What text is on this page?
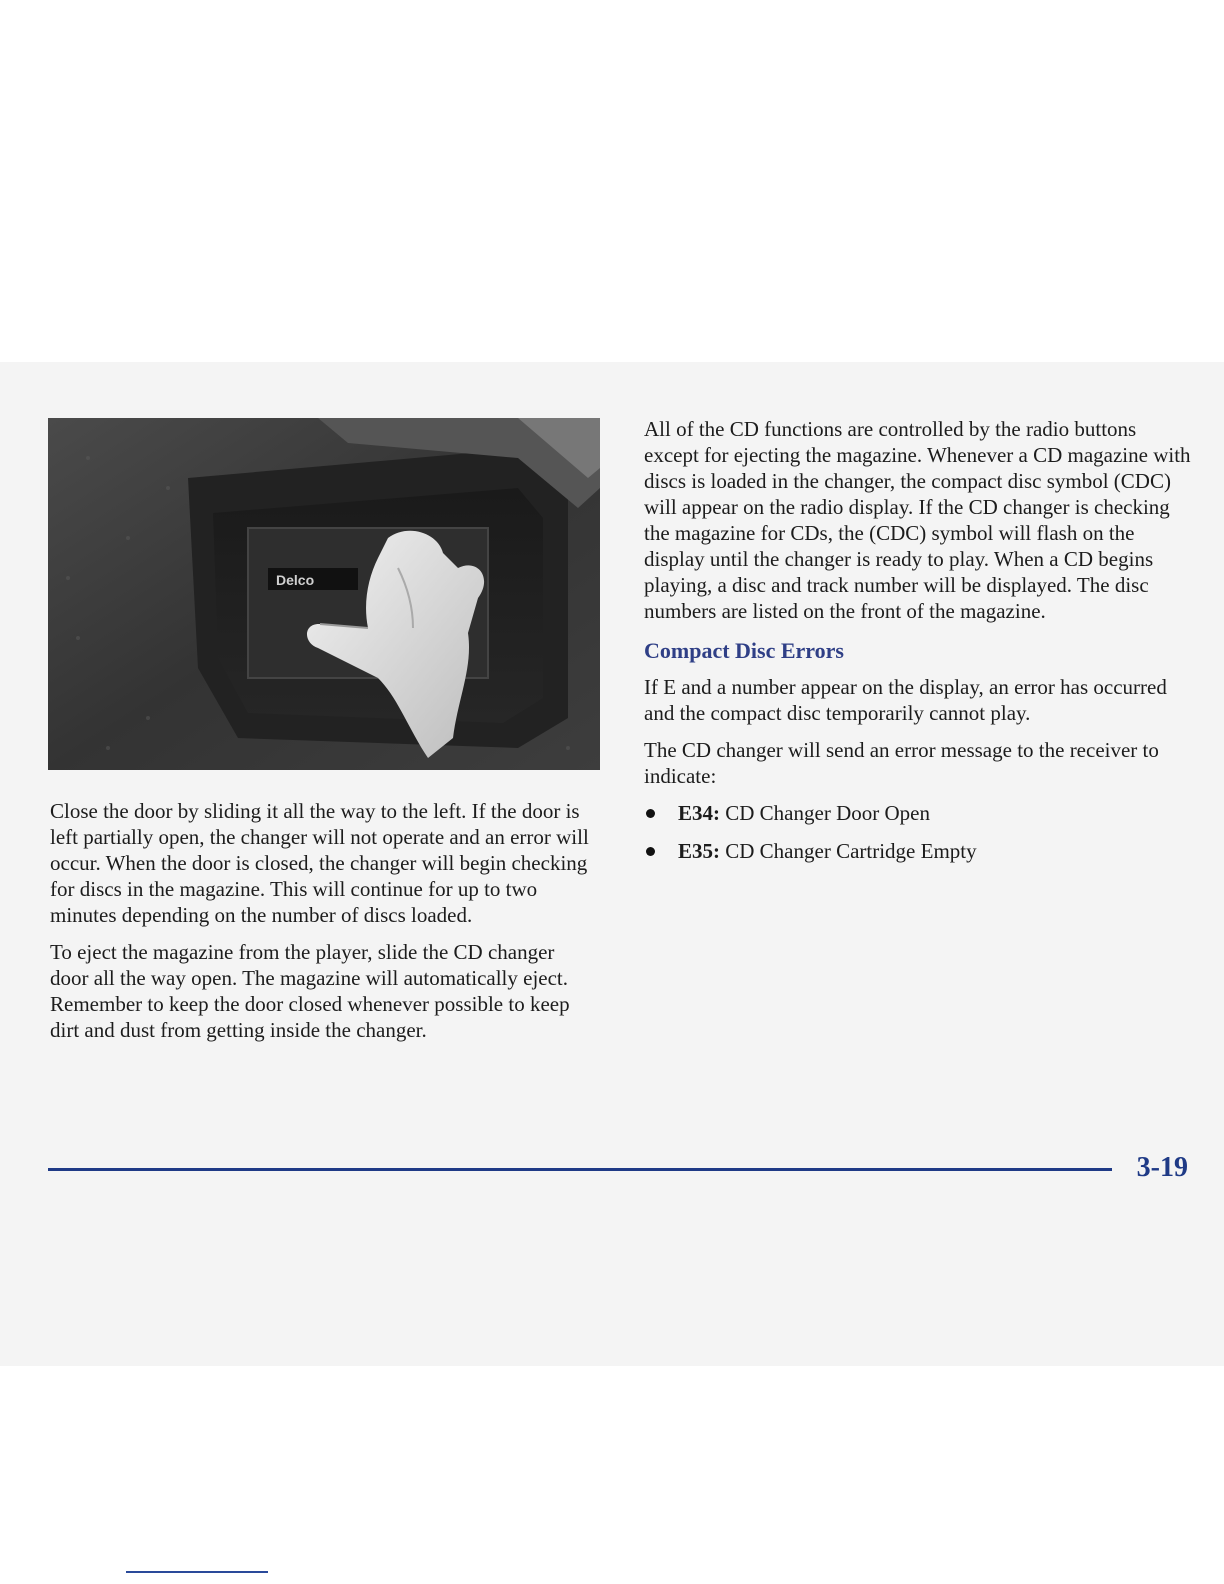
Delco

Close the door by sliding it all the way to the left. If the door is left partially open, the changer will not operate and an error will occur. When the door is closed, the changer will begin checking for discs in the magazine. This will continue for up to two minutes depending on the number of discs loaded.

To eject the magazine from the player, slide the CD changer door all the way open. The magazine will automatically eject. Remember to keep the door closed whenever possible to keep dirt and dust from getting inside the changer.

All of the CD functions are controlled by the radio buttons except for ejecting the magazine. Whenever a CD magazine with discs is loaded in the changer, the compact disc symbol (CDC) will appear on the radio display. If the CD changer is checking the magazine for CDs, the (CDC) symbol will flash on the display until the changer is ready to play. When a CD begins playing, a disc and track number will be displayed. The disc numbers are listed on the front of the magazine.

Compact Disc Errors

If E and a number appear on the display, an error has occurred and the compact disc temporarily cannot play.

The CD changer will send an error message to the receiver to indicate:

E34: CD Changer Door Open
E35: CD Changer Cartridge Empty
3-19
